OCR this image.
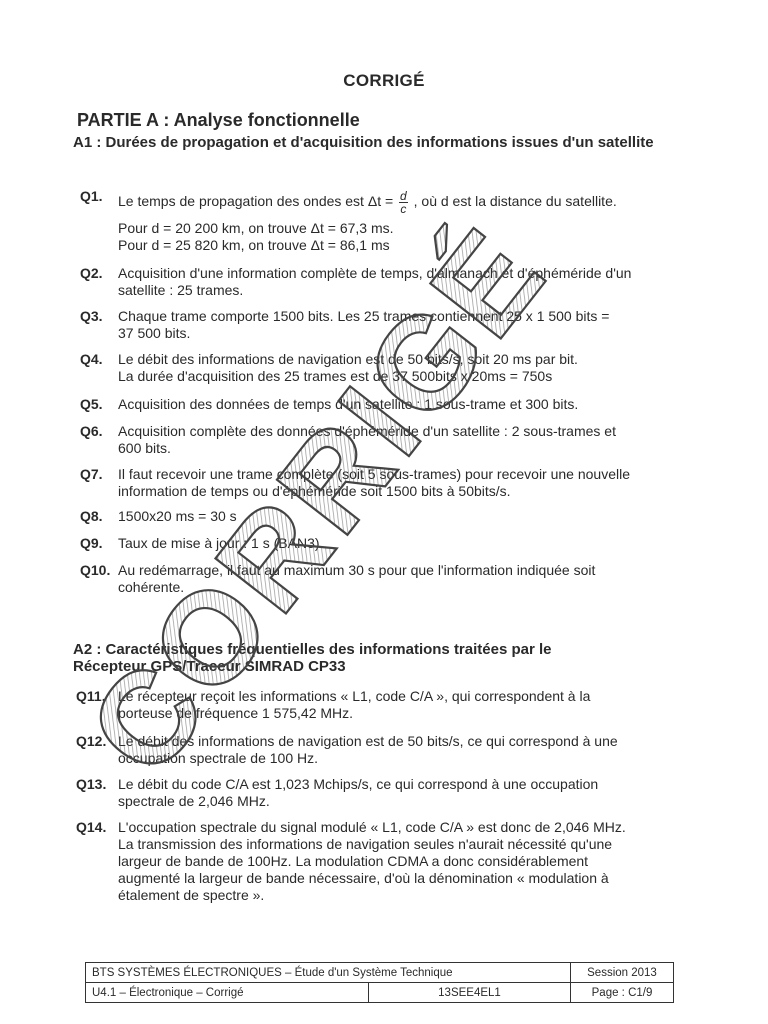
CORRIGÉ
PARTIE A : Analyse fonctionnelle
A1 : Durées de propagation et d'acquisition des informations issues d'un satellite
Q1. Le temps de propagation des ondes est $\Delta t = \frac{d}{c}$ , où d est la distance du satellite.
Pour d = 20 200 km, on trouve Δt = 67,3 ms.
Pour d = 25 820 km, on trouve Δt = 86,1 ms
Q2. Acquisition d'une information complète de temps, d'almanach et d'éphéméride d'un
satellite : 25 trames.
Q3. Chaque trame comporte 1500 bits. Les 25 trames contiennent 25 x 1 500 bits =
37 500 bits.
Q4. Le débit des informations de navigation est de 50 bits/s, soit 20 ms par bit.
La durée d'acquisition des 25 trames est de 37 500bits x 20ms = 750s
Q5. Acquisition des données de temps d'un satellite : 1 sous-trame et 300 bits.
Q6. Acquisition complète des données d'éphéméride d'un satellite : 2 sous-trames et
600 bits.
Q7. Il faut recevoir une trame complète (soit 5 sous-trames) pour recevoir une nouvelle
information de temps ou d'éphéméride soit 1500 bits à 50bits/s.
Q8. 1500x20 ms = 30 s
Q9. Taux de mise à jour : 1 s (BAN3)
Q10. Au redémarrage, il faut au maximum 30 s pour que l'information indiquée soit
cohérente.
A2 : Caractéristiques fréquentielles des informations traitées par le
Récepteur GPS/Traceur SIMRAD CP33
Q11. Le récepteur reçoit les informations « L1, code C/A », qui correspondent à la
porteuse de fréquence 1 575,42 MHz.
Q12. Le débit des informations de navigation est de 50 bits/s, ce qui correspond à une
occupation spectrale de 100 Hz.
Q13. Le débit du code C/A est 1,023 Mchips/s, ce qui correspond à une occupation
spectrale de 2,046 MHz.
Q14. L'occupation spectrale du signal modulé « L1, code C/A » est donc de 2,046 MHz.
La transmission des informations de navigation seules n'aurait nécessité qu'une
largeur de bande de 100Hz. La modulation CDMA a donc considérablement
augmenté la largeur de bande nécessaire, d'où la dénomination « modulation à
étalement de spectre ».
BTS SYSTÈMES ÉLECTRONIQUES – Étude d'un Système Technique		Session 2013
U4.1 – Électronique – Corrigé	13SEE4EL1	Page : C1/9
